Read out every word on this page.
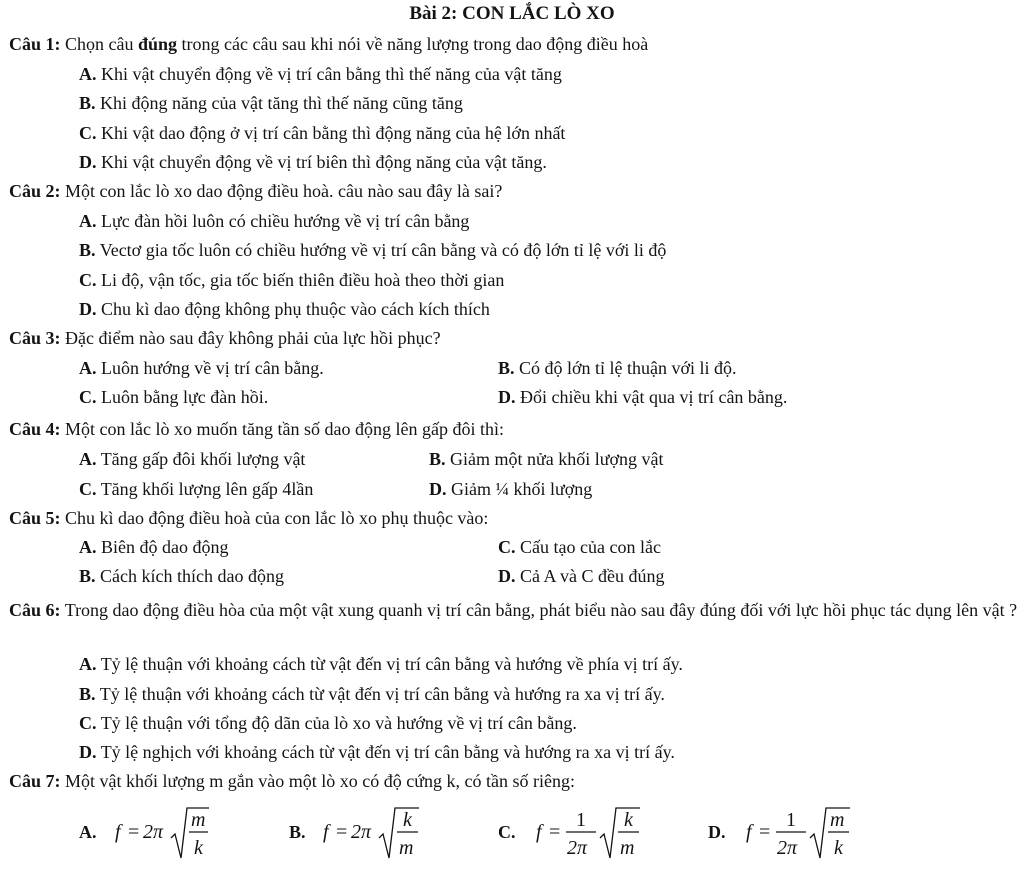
Bài 2: CON LẮC LÒ XO
Câu 1: Chọn câu đúng trong các câu sau khi nói về năng lượng trong dao động điều hoà
A. Khi vật chuyển động về vị trí cân bằng thì thế năng của vật tăng
B. Khi động năng của vật tăng thì thế năng cũng tăng
C. Khi vật dao động ở vị trí cân bằng thì động năng của hệ lớn nhất
D. Khi vật chuyển động về vị trí biên thì động năng của vật tăng.
Câu 2: Một con lắc lò xo dao động điều hoà. câu nào sau đây là sai?
A. Lực đàn hồi luôn có chiều hướng về vị trí cân bằng
B. Vectơ gia tốc luôn có chiều hướng về vị trí cân bằng và có độ lớn tỉ lệ với li độ
C. Li độ, vận tốc, gia tốc biến thiên điều hoà theo thời gian
D. Chu kì dao động không phụ thuộc vào cách kích thích
Câu 3: Đặc điểm nào sau đây không phải của lực hồi phục?
A. Luôn hướng về vị trí cân bằng.	B. Có độ lớn tỉ lệ thuận với li độ.
C. Luôn bằng lực đàn hồi.	D. Đổi chiều khi vật qua vị trí cân bằng.
Câu 4: Một con lắc lò xo muốn tăng tần số dao động lên gấp đôi thì:
A. Tăng gấp đôi khối lượng vật	B. Giảm một nửa khối lượng vật
C. Tăng khối lượng lên gấp 4lần	D. Giảm ¼ khối lượng
Câu 5: Chu kì dao động điều hoà của con lắc lò xo phụ thuộc vào:
A. Biên độ dao động	C. Cấu tạo của con lắc
B. Cách kích thích dao động	D. Cả A và C đều đúng
Câu 6: Trong dao động điều hòa của một vật xung quanh vị trí cân bằng, phát biểu nào sau đây đúng đối với lực hồi phục tác dụng lên vật ?
A. Tỷ lệ thuận với khoảng cách từ vật đến vị trí cân bằng và hướng về phía vị trí ấy.
B. Tỷ lệ thuận với khoảng cách từ vật đến vị trí cân bằng và hướng ra xa vị trí ấy.
C. Tỷ lệ thuận với tổng độ dãn của lò xo và hướng về vị trí cân bằng.
D. Tỷ lệ nghịch với khoảng cách từ vật đến vị trí cân bằng và hướng ra xa vị trí ấy.
Câu 7: Một vật khối lượng m gắn vào một lò xo có độ cứng k, có tần số riêng:
A. f = 2π
m
k
B. f = 2π
k
m
C. f =
1
2π
k
m
D. f =
1
2π
m
k
